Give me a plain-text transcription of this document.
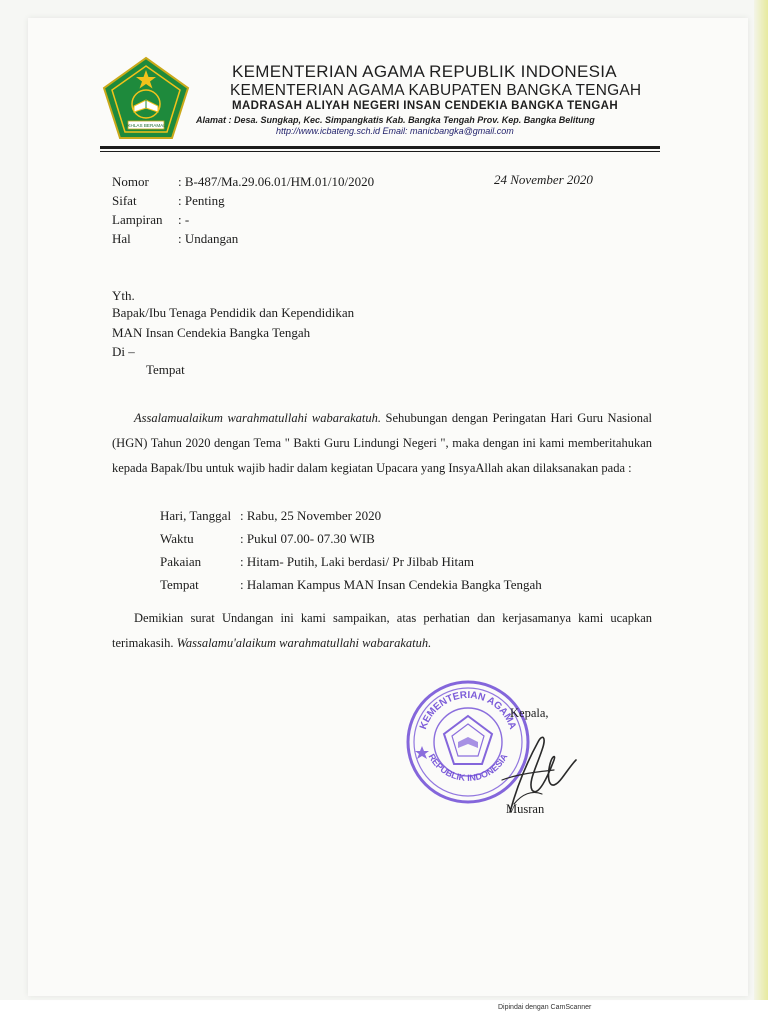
IKHLAS BERAMAL
KEMENTERIAN AGAMA REPUBLIK INDONESIA
KEMENTERIAN AGAMA KABUPATEN BANGKA TENGAH
MADRASAH ALIYAH NEGERI INSAN CENDEKIA BANGKA TENGAH
Alamat : Desa. Sungkap, Kec. Simpangkatis Kab. Bangka Tengah Prov. Kep. Bangka Belitung
http://www.icbateng.sch.id Email: manicbangka@gmail.com
Nomor : B-487/Ma.29.06.01/HM.01/10/2020	24 November 2020
Sifat	: Penting
Lampiran : -
Hal	: Undangan
Yth.
Bapak/Ibu Tenaga Pendidik dan Kependidikan
MAN Insan Cendekia Bangka Tengah
Di –
Tempat
Assalamualaikum warahmatullahi wabarakatuh. Sehubungan dengan Peringatan Hari Guru Nasional (HGN) Tahun 2020 dengan Tema " Bakti Guru Lindungi Negeri ", maka dengan ini kami memberitahukan kepada Bapak/Ibu untuk wajib hadir dalam kegiatan Upacara yang InsyaAllah akan dilaksanakan pada :
Hari, Tanggal : Rabu, 25 November 2020
Waktu	: Pukul 07.00- 07.30 WIB
Pakaian	: Hitam- Putih, Laki berdasi/ Pr Jilbab Hitam
Tempat	: Halaman Kampus MAN Insan Cendekia Bangka Tengah
Demikian surat Undangan ini kami sampaikan, atas perhatian dan kerjasamanya kami ucapkan terimakasih. Wassalamu'alaikum warahmatullahi wabarakatuh.
KEMENTERIAN AGAMA
REPUBLIK INDONESIA
Kepala,
Musran
Dipindai dengan CamScanner
